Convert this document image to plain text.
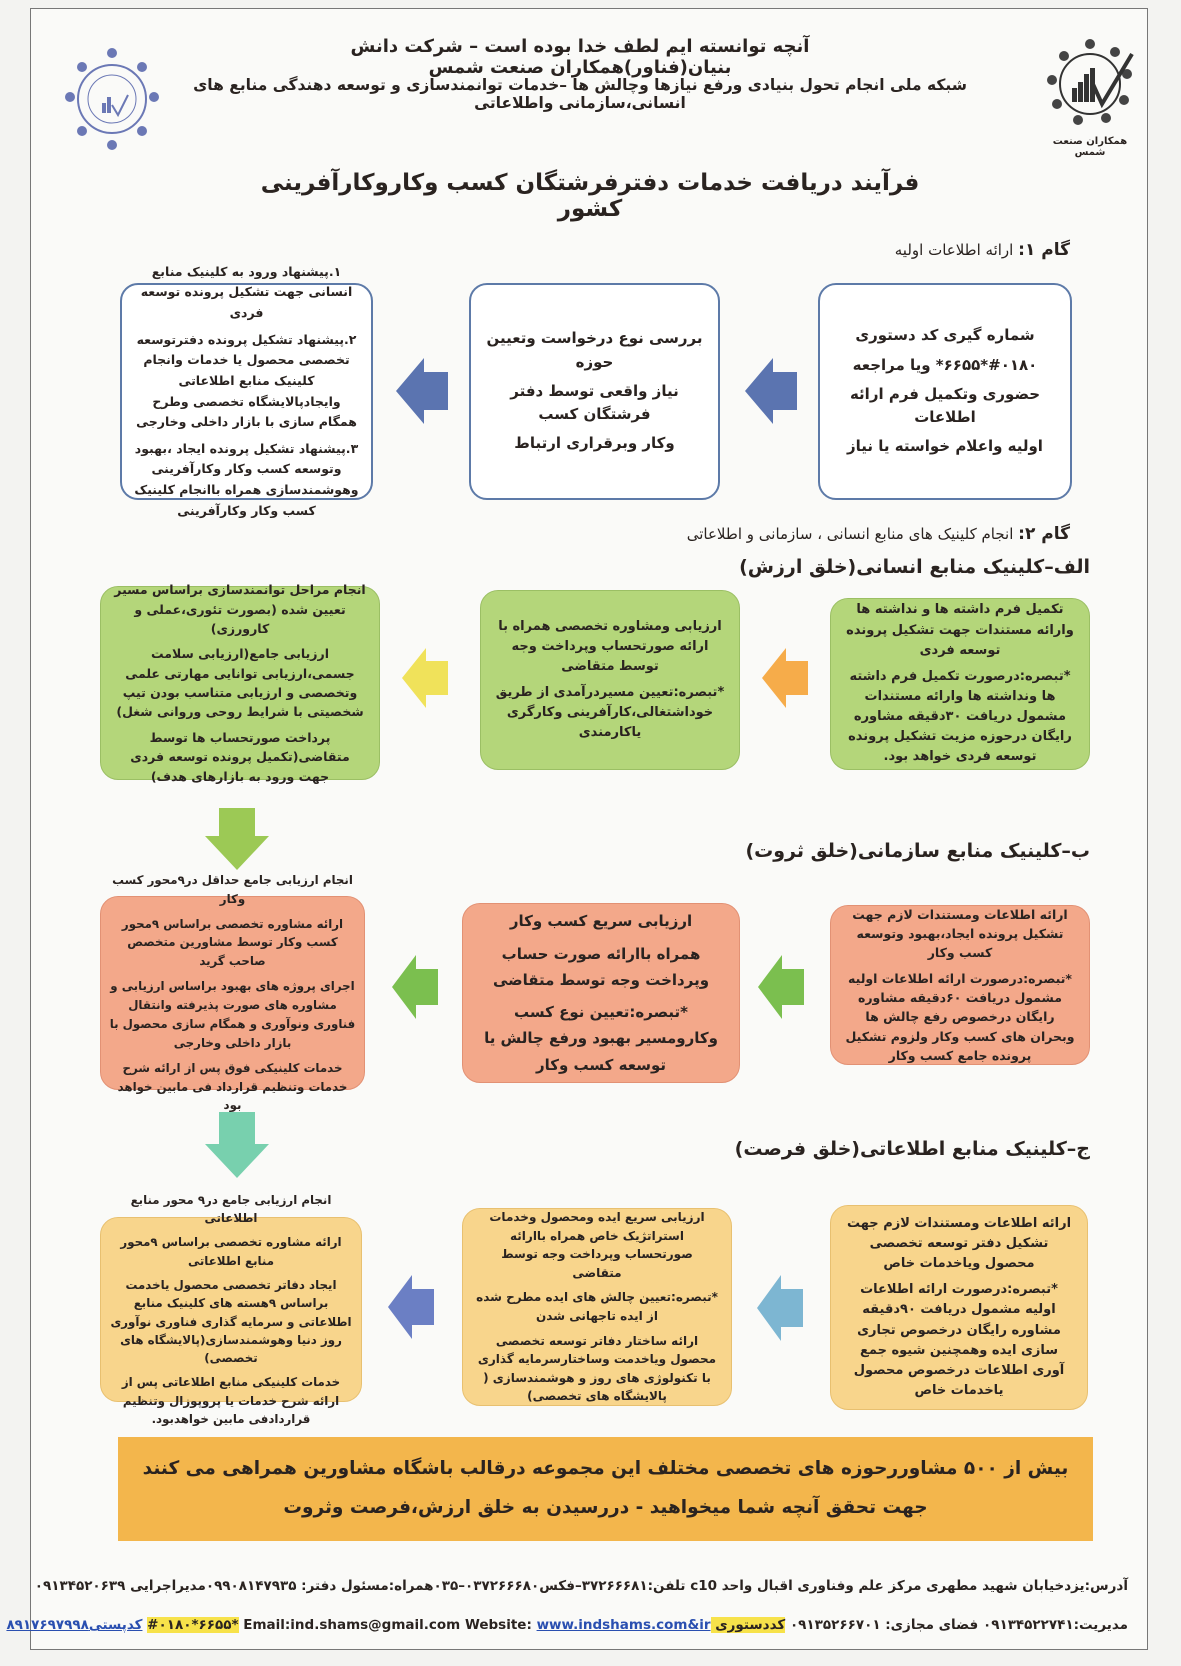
همکاران صنعت شمس
آنچه توانسته ایم لطف خدا بوده است – شرکت دانش بنیان(فناور)همکاران صنعت شمس
شبکه ملی انجام تحول بنیادی ورفع نیازها وچالش ها –خدمات توانمندسازی و توسعه دهندگی منابع های انسانی،سازمانی واطلاعاتی
فرآیند دریافت خدمات دفترفرشتگان کسب وکاروکارآفرینی کشور
گام ۱: ارائه اطلاعات اولیه

شماره گیری کد دستوری

#۰۱۸۰*۶۶۵۵* ویا مراجعه

حضوری وتکمیل فرم ارائه اطلاعات

اولیه واعلام خواسته یا نیاز

بررسی نوع درخواست وتعیین حوزه

نیاز واقعی توسط دفتر فرشتگان کسب

وکار وبرقراری ارتباط

۱.پیشنهاد ورود به کلینیک منابع انسانی جهت تشکیل پرونده توسعه فردی

۲.پیشنهاد تشکیل پرونده دفترتوسعه تخصصی محصول یا خدمات وانجام کلینیک منابع اطلاعاتی وایجادپالایشگاه تخصصی وطرح همگام سازی با بازار داخلی وخارجی

۳.پیشنهاد تشکیل پرونده ایجاد ،بهبود وتوسعه کسب وکار وکارآفرینی وهوشمندسازی همراه باانجام کلینیک کسب وکار وکارآفرینی

گام ۲: انجام کلینیک های منابع انسانی ، سازمانی و اطلاعاتی
الف–کلینیک منابع انسانی(خلق ارزش)

تکمیل فرم داشته ها و نداشته ها وارائه مستندات جهت تشکیل پرونده توسعه فردی

*تبصره:درصورت تکمیل فرم داشته ها ونداشته ها وارائه مستندات مشمول دریافت ۳۰دقیقه مشاوره رایگان درحوزه مزیت تشکیل پرونده توسعه فردی خواهد بود.

ارزیابی ومشاوره تخصصی همراه با ارائه صورتحساب وپرداخت وجه توسط متقاضی

*تبصره:تعیین مسیردرآمدی از طریق خوداشتغالی،کارآفرینی وکارگری یاکارمندی

انجام مراحل توانمندسازی براساس مسیر تعیین شده (بصورت تئوری،عملی و کارورزی)

ارزیابی جامع(ارزیابی سلامت جسمی،ارزیابی توانایی مهارتی علمی وتخصصی و ارزیابی متناسب بودن تیپ شخصیتی با شرایط روحی وروانی شغل)

پرداخت صورتحساب ها توسط متقاضی(تکمیل پرونده توسعه فردی جهت ورود به بازارهای هدف)

ب–کلینیک منابع سازمانی(خلق ثروت)

ارائه اطلاعات ومستندات لازم جهت تشکیل پرونده ایجاد،بهبود وتوسعه کسب وکار

*تبصره:درصورت ارائه اطلاعات اولیه مشمول دریافت ۶۰دقیقه مشاوره رایگان درخصوص رفع چالش ها وبحران های کسب وکار ولزوم تشکیل پرونده جامع کسب وکار

ارزیابی سریع کسب وکار

همراه باارائه صورت حساب وپرداخت وجه توسط متقاضی

*تبصره:تعیین نوع کسب وکارومسیر بهبود ورفع چالش یا توسعه کسب وکار

انجام ارزیابی جامع حداقل در۹محور کسب وکار

ارائه مشاوره تخصصی براساس ۹محور کسب وکار توسط مشاورین متخصص صاحب گرید

اجرای پروژه های بهبود براساس ارزیابی و مشاوره های صورت پذیرفته وانتقال فناوری ونوآوری و همگام سازی محصول با بازار داخلی وخارجی

خدمات کلینیکی فوق پس از ارائه شرح خدمات وتنظیم قرارداد فی مابین خواهد بود

ج–کلینیک منابع اطلاعاتی(خلق فرصت)

ارائه اطلاعات ومستندات لازم جهت تشکیل دفتر توسعه تخصصی محصول ویاخدمات خاص

*تبصره:درصورت ارائه اطلاعات اولیه مشمول دریافت ۹۰دقیقه مشاوره رایگان درخصوص تجاری سازی ایده وهمچنین شیوه جمع آوری اطلاعات درخصوص محصول یاخدمات خاص

ارزیابی سریع ایده ومحصول وخدمات استراتژیک خاص همراه باارائه صورتحساب وپرداخت وجه توسط متقاضی

*تبصره:تعیین چالش های ایده مطرح شده از ایده تاجهانی شدن

ارائه ساختار دفاتر توسعه تخصصی محصول ویاخدمت وساختارسرمایه گذاری با تکنولوژی های روز و هوشمندسازی ( پالایشگاه های تخصصی)

انجام ارزیابی جامع در۹ محور منابع اطلاعاتی

ارائه مشاوره تخصصی براساس ۹محور منابع اطلاعاتی

ایجاد دفاتر تخصصی محصول یاخدمت براساس ۹هسته های کلینیک منابع اطلاعاتی و سرمایه گذاری فناوری نوآوری روز دنیا وهوشمندسازی(پالایشگاه های تخصصی)

خدمات کلینیکی منابع اطلاعاتی پس از ارائه شرح خدمات یا پروپوزال وتنظیم قراردادفی مابین خواهدبود.

بیش از ۵۰۰ مشاوررحوزه های تخصصی مختلف این مجموعه درقالب باشگاه مشاورین همراهی می کنند
جهت تحقق آنچه شما میخواهید - دررسیدن به خلق ارزش،فرصت وثروت
آدرس:یزدخیابان شهید مطهری مرکز علم وفناوری اقبال واحد c10 تلفن:۳۷۲۶۶۶۸۱–فکس۰۳۷۲۶۶۶۸۰–۰۳۵همراه:مسئول دفتر: ۰۹۹۰۸۱۴۷۹۳۵مدیراجرایی ۰۹۱۳۴۵۲۰۶۳۹
مدیریت:۰۹۱۳۴۵۲۲۷۴۱ فضای مجازی: ۰۹۱۳۵۲۶۶۷۰۱ کددستوری #۰۱۸۰*۶۶۵۵* Email:ind.shams@gmail.com Website: www.indshams.com&ir کدپستی۸۹۱۷۶۹۷۹۹۸
